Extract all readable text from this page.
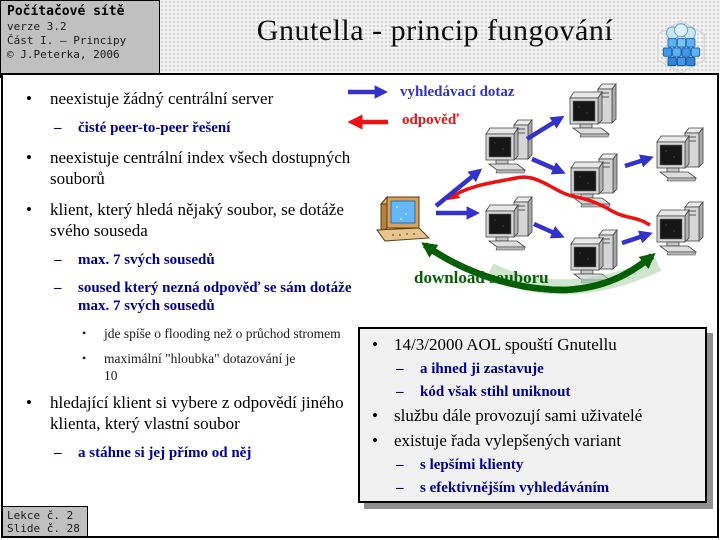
Počítačové sítě
verze 3.2
Část I. – Principy
© J.Peterka, 2006
Gnutella - princip fungování
• neexistuje žádný centrální server
– čisté peer-to-peer řešení
• neexistuje centrální index všech dostupných souborů
• klient, který hledá nějaký soubor, se dotáže svého souseda
– max. 7 svých sousedů
– soused který nezná odpověď se sám dotáže max. 7 svých sousedů
• jde spíše o flooding než o průchod stromem
• maximální "hloubka" dotazování je 10
• hledající klient si vybere z odpovědí jiného klienta, který vlastní soubor
– a stáhne si jej přímo od něj
vyhledávací dotaz
odpověď
download souboru
• 14/3/2000 AOL spouští Gnutellu
– a ihned ji zastavuje
– kód však stihl uniknout
• službu dále provozují sami uživatelé
• existuje řada vylepšených variant
– s lepšími klienty
– s efektivnějším vyhledáváním
Lekce č. 2
Slide č. 28
